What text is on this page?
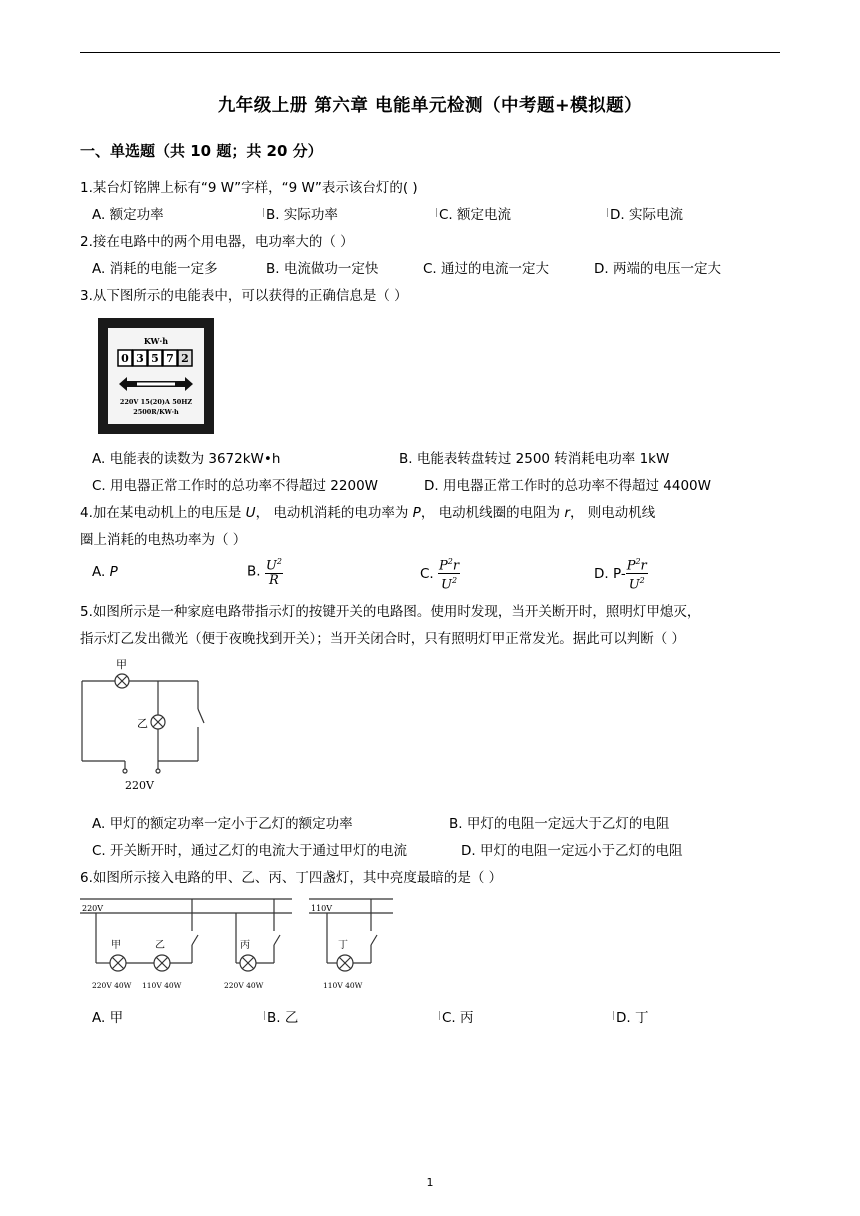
九年级上册 第六章 电能单元检测（中考题+模拟题）
一、单选题（共 10 题；共 20 分）
1.某台灯铭牌上标有“9 W”字样，“9 W”表示该台灯的( )
A. 额定功率	B. 实际功率	C. 额定电流	D. 实际电流
2.接在电路中的两个用电器，电功率大的（ ）
A. 消耗的电能一定多	B. 电流做功一定快	C. 通过的电流一定大	D. 两端的电压一定大
3.从下图所示的电能表中，可以获得的正确信息是（ ）
KW·h
0 3 5 7 2
220V 15(20)A 50HZ
2500R/KW·h
A. 电能表的读数为 3672kW•h	B. 电能表转盘转过 2500 转消耗电功率 1kW
C. 用电器正常工作时的总功率不得超过 2200W	D. 用电器正常工作时的总功率不得超过 4400W
4.加在某电动机上的电压是 U， 电动机消耗的电功率为 P， 电动机线圈的电阻为 r， 则电动机线
圈上消耗的电热功率为（ ）
A. P	B. $\frac{U^2}{R}$	C. $\frac{P^2r}{U^2}$	D. $P- \frac{P^2r}{U^2}$
5.如图所示是一种家庭电路带指示灯的按键开关的电路图。使用时发现，当开关断开时，照明灯甲熄灭，
指示灯乙发出微光（便于夜晚找到开关）；当开关闭合时，只有照明灯甲正常发光。据此可以判断（ ）
甲
乙
220V
A. 甲灯的额定功率一定小于乙灯的额定功率	B. 甲灯的电阻一定远大于乙灯的电阻
C. 开关断开时，通过乙灯的电流大于通过甲灯的电流	D. 甲灯的电阻一定远小于乙灯的电阻
6.如图所示接入电路的甲、乙、丙、丁四盏灯，其中亮度最暗的是（ ）
220V
甲	乙	丙
220V 40W 110V 40W	220V 40W
110V
丁
110V 40W
A. 甲	B. 乙	C. 丙	D. 丁
1
